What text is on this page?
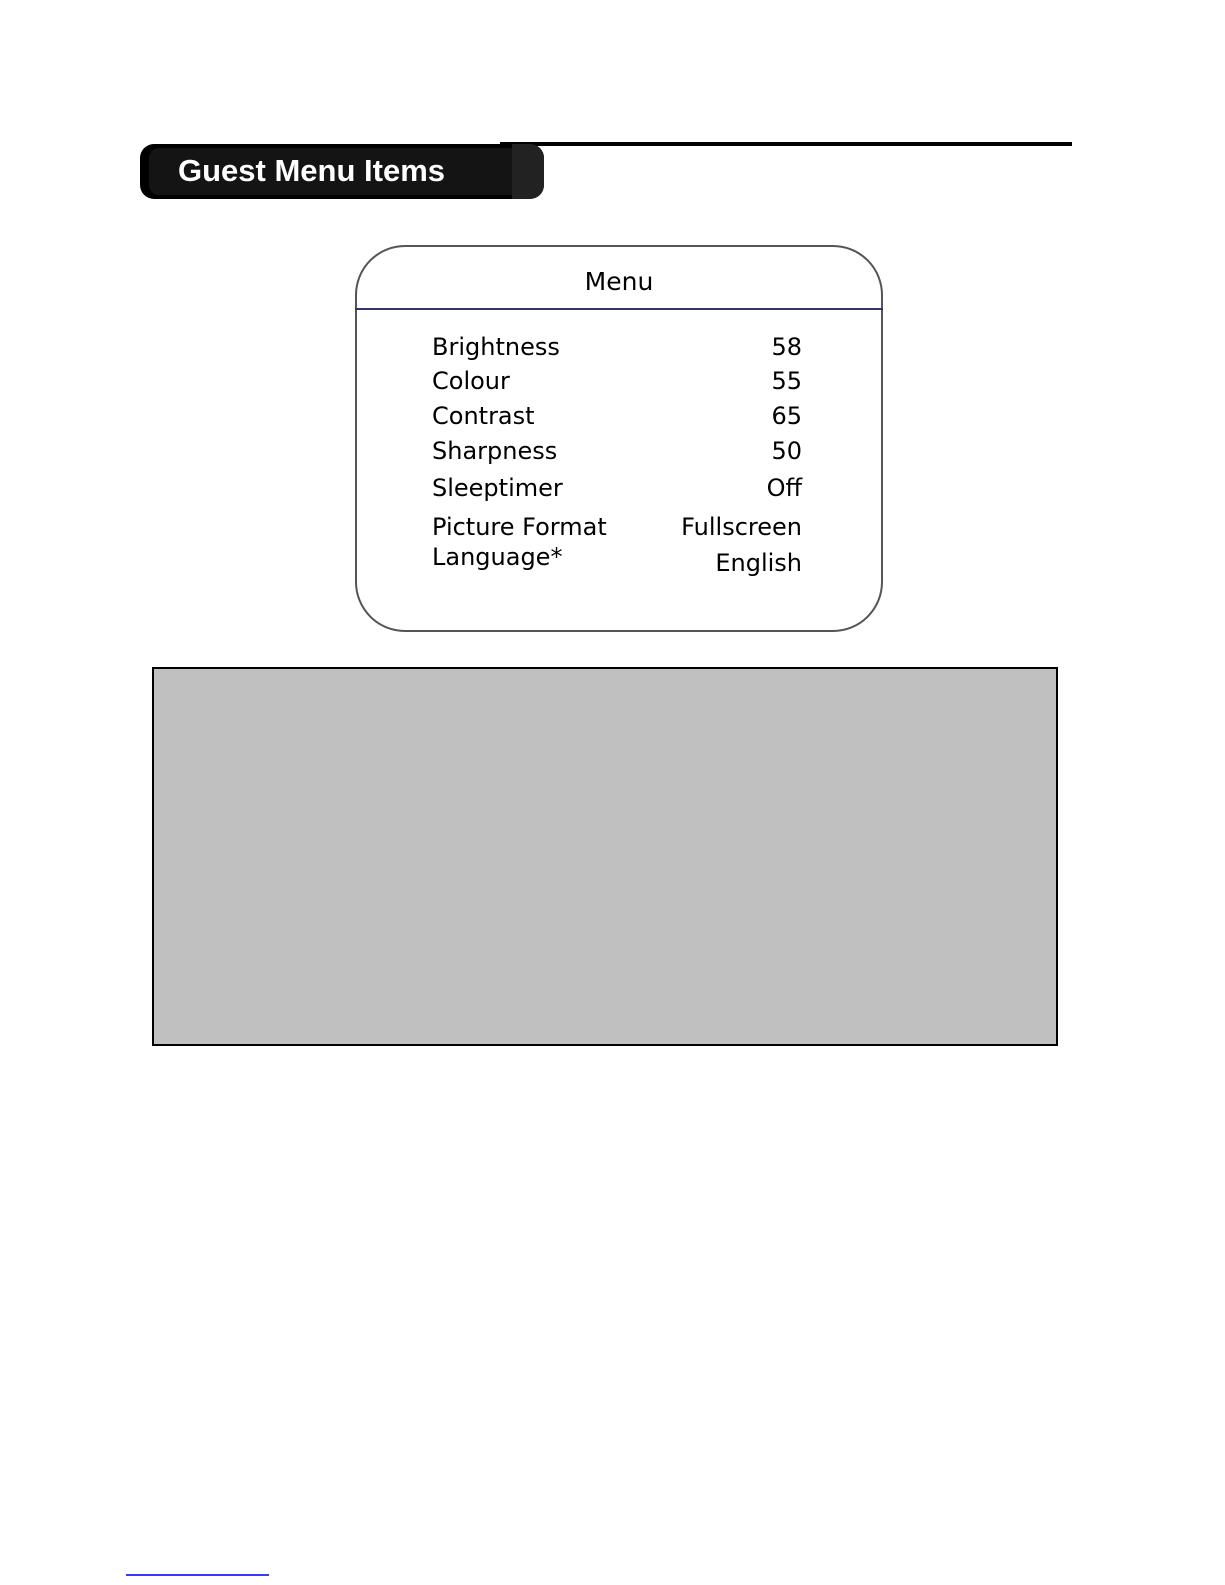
Guest Menu Items
Menu
Brightness	58
Colour	55
Contrast	65
Sharpness	50
Sleeptimer	Off
Picture Format	Fullscreen
Language*	English
